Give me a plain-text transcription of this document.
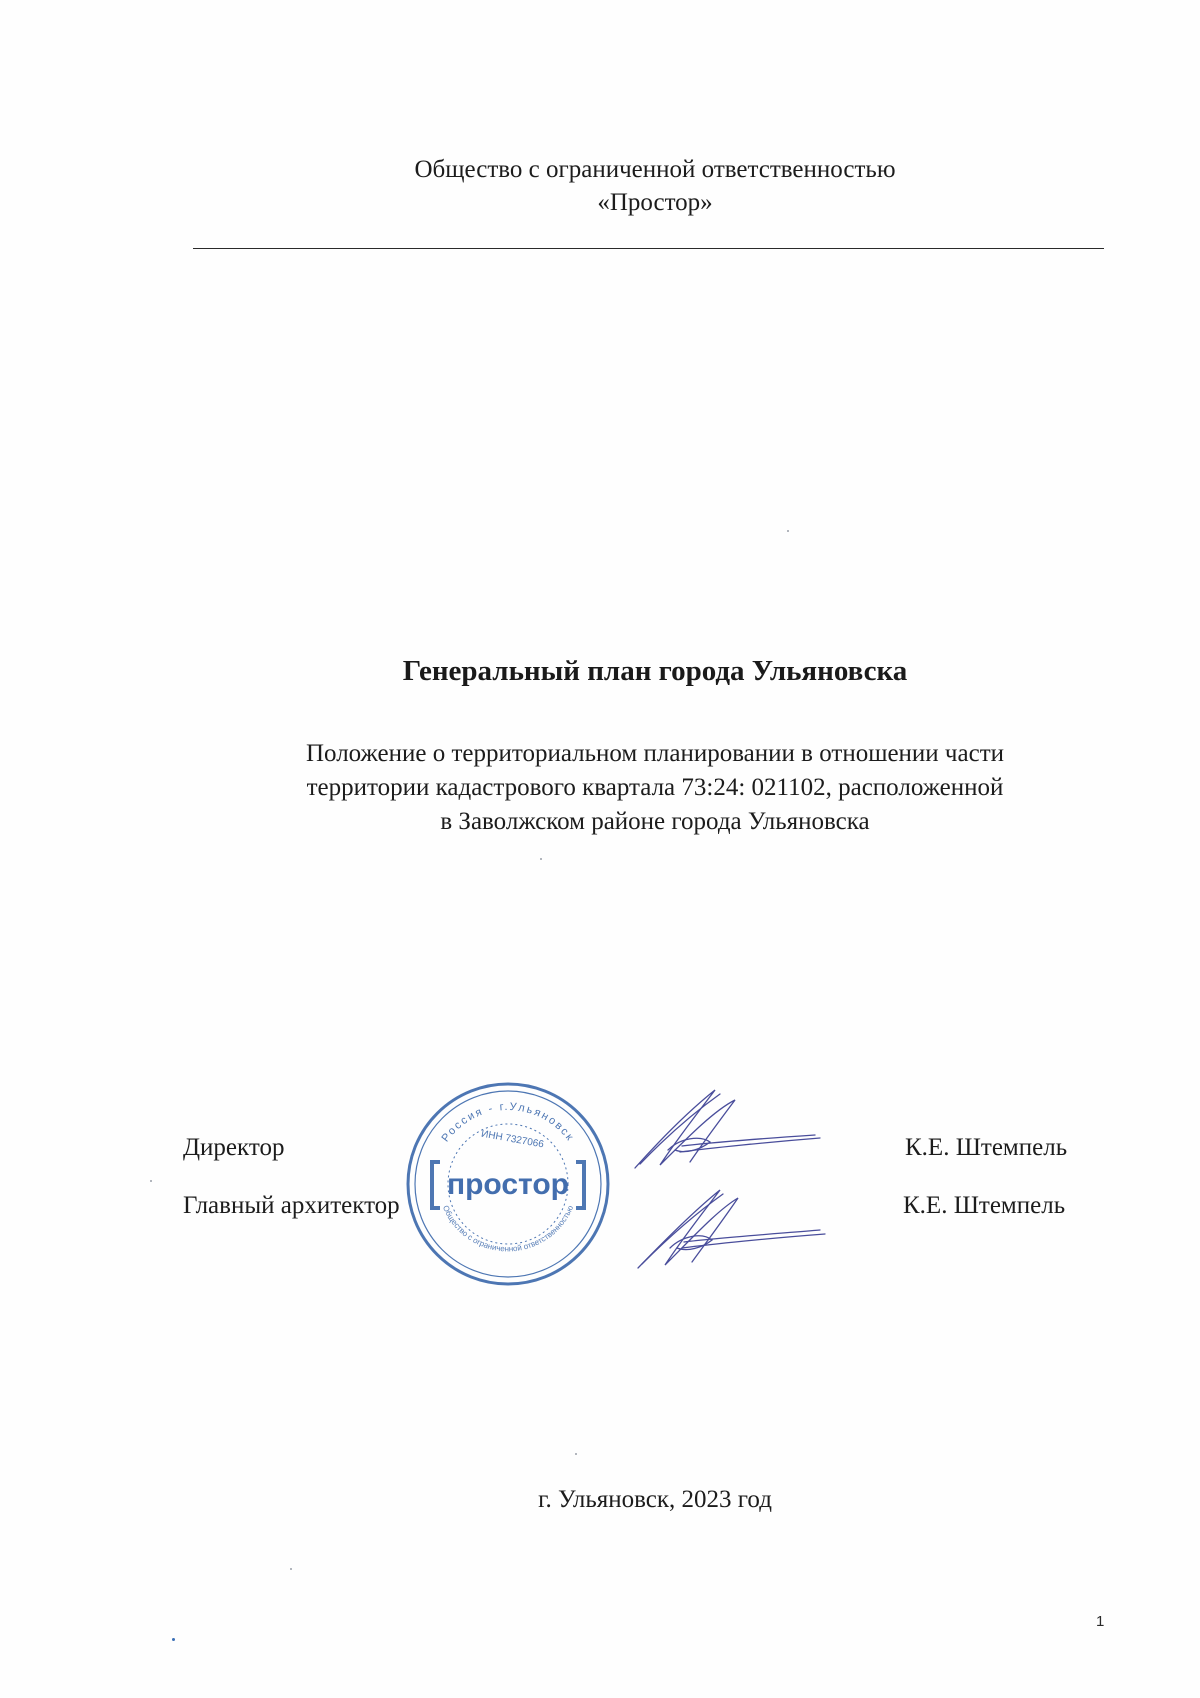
Общество с ограниченной ответственностью
«Простор»
Генеральный план города Ульяновска
Положение о территориальном планировании в отношении части
территории кадастрового квартала 73:24: 021102, расположенной
в Заволжском районе города Ульяновска
Россия - г.Ульяновск
ИНН 7327066
простор
Общество с ограниченной ответственностью
Директор	К.Е. Штемпель
Главный архитектор	К.Е. Штемпель
г. Ульяновск, 2023 год
1
